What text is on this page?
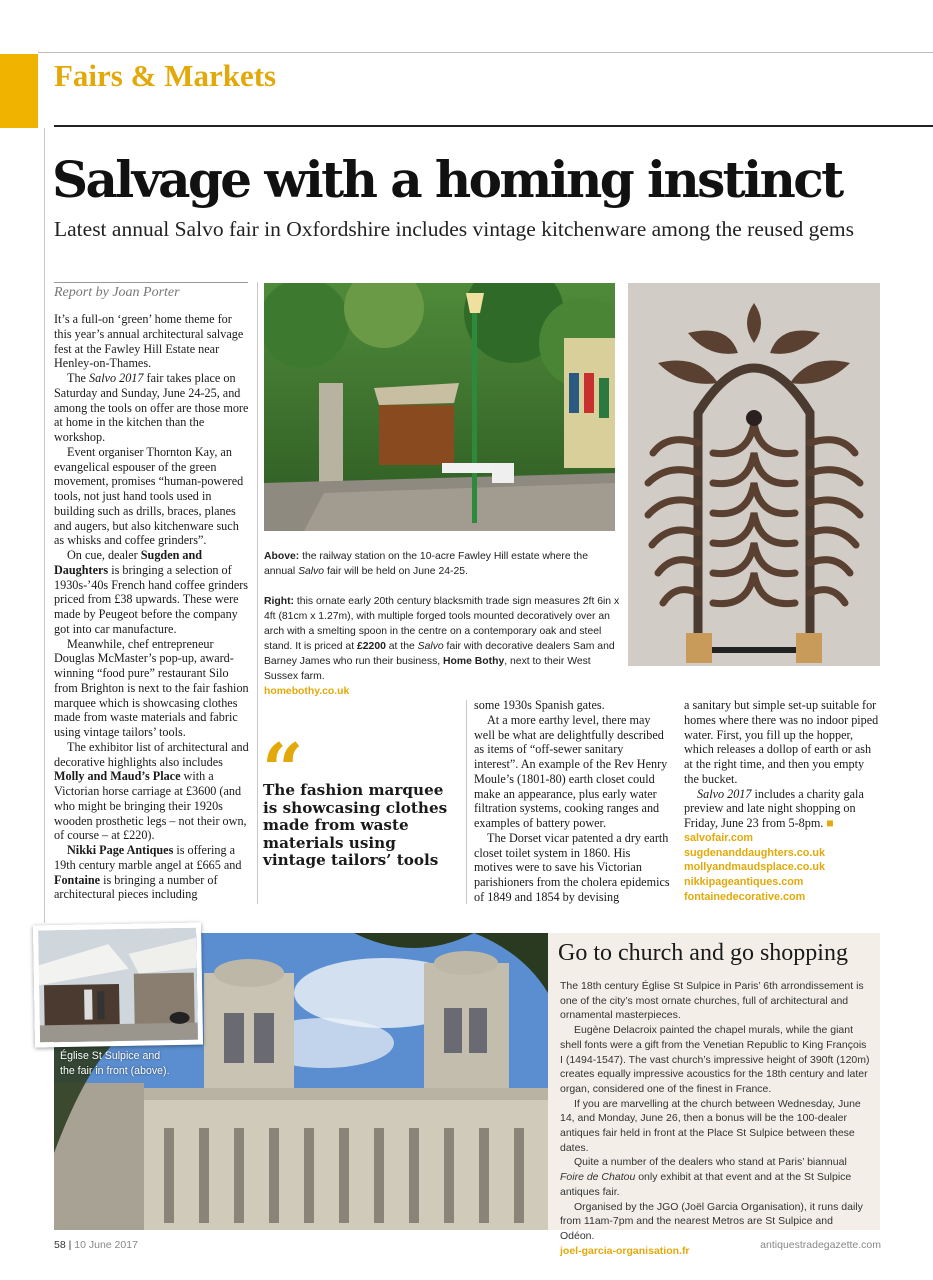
Fairs & Markets
Salvage with a homing instinct
Latest annual Salvo fair in Oxfordshire includes vintage kitchenware among the reused gems
Report by Joan Porter

It’s a full-on ‘green’ home theme for this year’s annual architectural salvage fest at the Fawley Hill Estate near Henley-on-Thames.

The Salvo 2017 fair takes place on Saturday and Sunday, June 24-25, and among the tools on offer are those more at home in the kitchen than the workshop.

Event organiser Thornton Kay, an evangelical espouser of the green movement, promises “human-powered tools, not just hand tools used in building such as drills, braces, planes and augers, but also kitchenware such as whisks and coffee grinders”.

On cue, dealer Sugden and Daughters is bringing a selection of 1930s-’40s French hand coffee grinders priced from £38 upwards. These were made by Peugeot before the company got into car manufacture.

Meanwhile, chef entrepreneur Douglas McMaster’s pop-up, award-winning “food pure” restaurant Silo from Brighton is next to the fair fashion marquee which is showcasing clothes made from waste materials and fabric using vintage tailors’ tools.

The exhibitor list of architectural and decorative highlights also includes Molly and Maud’s Place with a Victorian horse carriage at £3600 (and who might be bringing their 1920s wooden prosthetic legs – not their own, of course – at £220).

Nikki Page Antiques is offering a 19th century marble angel at £665 and Fontaine is bringing a number of architectural pieces including

Above: the railway station on the 10-acre Fawley Hill estate where the annual Salvo fair will be held on June 24-25.
Right: this ornate early 20th century blacksmith trade sign measures 2ft 6in x 4ft (81cm x 1.27m), with multiple forged tools mounted decoratively over an arch with a smelting spoon in the centre on a contemporary oak and steel stand. It is priced at £2200 at the Salvo fair with decorative dealers Sam and Barney James who run their business, Home Bothy, next to their West Sussex farm.
homebothy.co.uk
“
The fashion marquee is showcasing clothes made from waste materials using vintage tailors’ tools

some 1930s Spanish gates.

At a more earthy level, there may well be what are delightfully described as items of “off-sewer sanitary interest”. An example of the Rev Henry Moule’s (1801-80) earth closet could make an appearance, plus early water filtration systems, cooking ranges and examples of battery power.

The Dorset vicar patented a dry earth closet toilet system in 1860. His motives were to save his Victorian parishioners from the cholera epidemics of 1849 and 1854 by devising

a sanitary but simple set-up suitable for homes where there was no indoor piped water. First, you fill up the hopper, which releases a dollop of earth or ash at the right time, and then you empty the bucket.

Salvo 2017 includes a charity gala preview and late night shopping on Friday, June 23 from 5-8pm. ■

salvofair.com
sugdenanddaughters.co.uk
mollyandmaudsplace.co.uk
nikkipageantiques.com
fontainedecorative.com
Église St Sulpice and the fair in front (above).
Go to church and go shopping

The 18th century Église St Sulpice in Paris’ 6th arrondissement is one of the city’s most ornate churches, full of architectural and ornamental masterpieces.

Eugène Delacroix painted the chapel murals, while the giant shell fonts were a gift from the Venetian Republic to King François I (1494-1547). The vast church’s impressive height of 390ft (120m) creates equally impressive acoustics for the 18th century and later organ, considered one of the finest in France.

If you are marvelling at the church between Wednesday, June 14, and Monday, June 26, then a bonus will be the 100-dealer antiques fair held in front at the Place St Sulpice between these dates.

Quite a number of the dealers who stand at Paris’ biannual Foire de Chatou only exhibit at that event and at the St Sulpice antiques fair.

Organised by the JGO (Joël Garcia Organisation), it runs daily from 11am-7pm and the nearest Metros are St Sulpice and Odéon.

joel-garcia-organisation.fr
58 | 10 June 2017	antiquestradegazette.com
